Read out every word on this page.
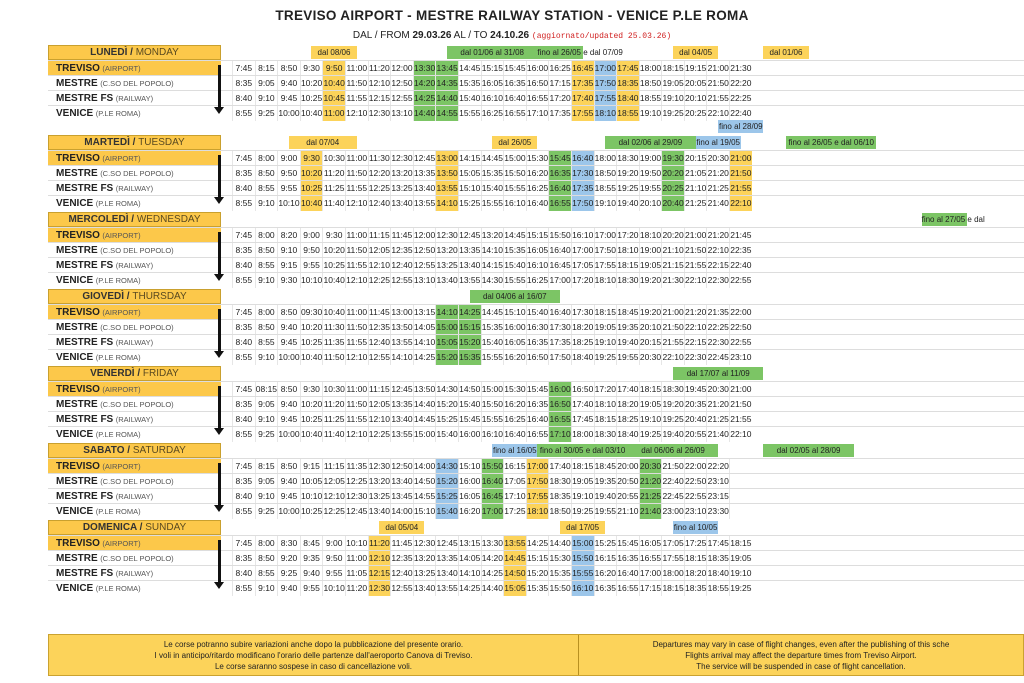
TREVISO AIRPORT - MESTRE RAILWAY STATION - VENICE P.LE ROMA
DAL / FROM 29.03.26 AL / TO 24.10.26 (aggiornato/updated 25.03.26)
LUNEDÌ / MONDAY	dal 08/06	dal 01/06 al 31/08	fino al 26/05 e dal 07/09	dal 04/05	dal 01/06
TREVISO (AIRPORT)	7:45 8:15 8:50 9:30 9:50 11:00 11:20 12:00 13:30 13:45 14:45 15:15 15:45 16:00 16:25 16:45 17:00 17:45 18:00 18:15 19:15 21:00 21:30
MESTRE (C.SO DEL POPOLO)	8:35 9:05 9:40 10:20 10:40 11:50 12:10 12:50 14:20 14:35 15:35 16:05 16:35 16:50 17:15 17:35 17:50 18:35 18:50 19:05 20:05 21:50 22:20
MESTRE FS (RAILWAY)	8:40 9:10 9:45 10:25 10:45 11:55 12:15 12:55 14:25 14:40 15:40 16:10 16:40 16:55 17:20 17:40 17:55 18:40 18:55 19:10 20:10 21:55 22:25
VENICE (P.LE ROMA)	8:55 9:25 10:00 10:40 11:00 12:10 12:30 13:10 14:40 14:55 15:55 16:25 16:55 17:10 17:35 17:55 18:10 18:55 19:10 19:25 20:25 22:10 22:40
fino al 28/09
MARTEDÌ / TUESDAY	dal 07/04	dal 26/05	dal 02/06 al 29/09	fino al 19/05	fino al 26/05 e dal 06/10
TREVISO (AIRPORT)	7:45 8:00 9:00 9:30 10:30 11:00 11:30 12:30 12:45 13:00 14:15 14:45 15:00 15:30 15:45 16:40 18:00 18:30 19:00 19:30 20:15 20:30 21:00
MESTRE (C.SO DEL POPOLO)	8:35 8:50 9:50 10:20 11:20 11:50 12:20 13:20 13:35 13:50 15:05 15:35 15:50 16:20 16:35 17:30 18:50 19:20 19:50 20:20 21:05 21:20 21:50
MESTRE FS (RAILWAY)	8:40 8:55 9:55 10:25 11:25 11:55 12:25 13:25 13:40 13:55 15:10 15:40 15:55 16:25 16:40 17:35 18:55 19:25 19:55 20:25 21:10 21:25 21:55
VENICE (P.LE ROMA)	8:55 9:10 10:10 10:40 11:40 12:10 12:40 13:40 13:55 14:10 15:25 15:55 16:10 16:40 16:55 17:50 19:10 19:40 20:10 20:40 21:25 21:40 22:10
MERCOLEDÌ / WEDNESDAY	fino al 27/05 e dal
TREVISO (AIRPORT)	7:45 8:00 8:20 9:00 9:30 11:00 11:15 11:45 12:00 12:30 12:45 13:20 14:45 15:15 15:50 16:10 17:00 17:20 18:10 20:20 21:00 21:20 21:45
MESTRE (C.SO DEL POPOLO)	8:35 8:50 9:10 9:50 10:20 11:50 12:05 12:35 12:50 13:20 13:35 14:10 15:35 16:05 16:40 17:00 17:50 18:10 19:00 21:10 21:50 22:10 22:35
MESTRE FS (RAILWAY)	8:40 8:55 9:15 9:55 10:25 11:55 12:10 12:40 12:55 13:25 13:40 14:15 15:40 16:10 16:45 17:05 17:55 18:15 19:05 21:15 21:55 22:15 22:40
VENICE (P.LE ROMA)	8:55 9:10 9:30 10:10 10:40 12:10 12:25 12:55 13:10 13:40 13:55 14:30 15:55 16:25 17:00 17:20 18:10 18:30 19:20 21:30 22:10 22:30 22:55
GIOVEDÌ / THURSDAY	dal 04/06 al 16/07
TREVISO (AIRPORT)	7:45 8:00 8:50 09:30 10:40 11:00 11:45 13:00 13:15 14:10 14:25 14:45 15:10 15:40 16:40 17:30 18:15 18:45 19:20 21:00 21:20 21:35 22:00
MESTRE (C.SO DEL POPOLO)	8:35 8:50 9:40 10:20 11:30 11:50 12:35 13:50 14:05 15:00 15:15 15:35 16:00 16:30 17:30 18:20 19:05 19:35 20:10 21:50 22:10 22:25 22:50
MESTRE FS (RAILWAY)	8:40 8:55 9:45 10:25 11:35 11:55 12:40 13:55 14:10 15:05 15:20 15:40 16:05 16:35 17:35 18:25 19:10 19:40 20:15 21:55 22:15 22:30 22:55
VENICE (P.LE ROMA)	8:55 9:10 10:00 10:40 11:50 12:10 12:55 14:10 14:25 15:20 15:35 15:55 16:20 16:50 17:50 18:40 19:25 19:55 20:30 22:10 22:30 22:45 23:10
VENERDÌ / FRIDAY	dal 17/07 al 11/09
TREVISO (AIRPORT)	7:45 08:15 8:50 9:30 10:30 11:00 11:15 12:45 13:50 14:30 14:50 15:00 15:30 15:45 16:00 16:50 17:20 17:40 18:15 18:30 19:45 20:30 21:00
MESTRE (C.SO DEL POPOLO)	8:35 9:05 9:40 10:20 11:20 11:50 12:05 13:35 14:40 15:20 15:40 15:50 16:20 16:35 16:50 17:40 18:10 18:20 19:05 19:20 20:35 21:20 21:50
MESTRE FS (RAILWAY)	8:40 9:10 9:45 10:25 11:25 11:55 12:10 13:40 14:45 15:25 15:45 15:55 16:25 16:40 16:55 17:45 18:15 18:25 19:10 19:25 20:40 21:25 21:55
VENICE (P.LE ROMA)	8:55 9:25 10:00 10:40 11:40 12:10 12:25 13:55 15:00 15:40 16:00 16:10 16:40 16:55 17:10 18:00 18:30 18:40 19:25 19:40 20:55 21:40 22:10
SABATO / SATURDAY	fino al 16/05 fino al 30/05 e dal 03/10	dal 06/06 al 26/09	dal 02/05 al 28/09
TREVISO (AIRPORT)	7:45 8:15 8:50 9:15 11:15 11:35 12:30 12:50 14:00 14:30 15:10 15:50 16:15 17:00 17:40 18:15 18:45 20:00 20:30 21:50 22:00 22:20
MESTRE (C.SO DEL POPOLO)	8:35 9:05 9:40 10:05 12:05 12:25 13:20 13:40 14:50 15:20 16:00 16:40 17:05 17:50 18:30 19:05 19:35 20:50 21:20 22:40 22:50 23:10
MESTRE FS (RAILWAY)	8:40 9:10 9:45 10:10 12:10 12:30 13:25 13:45 14:55 15:25 16:05 16:45 17:10 17:55 18:35 19:10 19:40 20:55 21:25 22:45 22:55 23:15
VENICE (P.LE ROMA)	8:55 9:25 10:00 10:25 12:25 12:45 13:40 14:00 15:10 15:40 16:20 17:00 17:25 18:10 18:50 19:25 19:55 21:10 21:40 23:00 23:10 23:30
DOMENICA / SUNDAY	dal 05/04	dal 17/05	fino al 10/05
TREVISO (AIRPORT)	7:45 8:00 8:30 8:45 9:00 10:10 11:20 11:45 12:30 12:45 13:15 13:30 13:55 14:25 14:40 15:00 15:25 15:45 16:05 17:05 17:25 17:45 18:15
MESTRE (C.SO DEL POPOLO)	8:35 8:50 9:20 9:35 9:50 11:00 12:10 12:35 13:20 13:35 14:05 14:20 14:45 15:15 15:30 15:50 16:15 16:35 16:55 17:55 18:15 18:35 19:05
MESTRE FS (RAILWAY)	8:40 8:55 9:25 9:40 9:55 11:05 12:15 12:40 13:25 13:40 14:10 14:25 14:50 15:20 15:35 15:55 16:20 16:40 17:00 18:00 18:20 18:40 19:10
VENICE (P.LE ROMA)	8:55 9:10 9:40 9:55 10:10 11:20 12:30 12:55 13:40 13:55 14:25 14:40 15:05 15:35 15:50 16:10 16:35 16:55 17:15 18:15 18:35 18:55 19:25
Le corse potranno subire variazioni anche dopo la pubblicazione del presente orario.
I voli in anticipo/ritardo modificano l'orario delle partenze dall'aeroporto Canova di Treviso.
Le corse saranno sospese in caso di cancellazione voli.
Departures may vary in case of flight changes, even after the publishing of this sche
Flights arrival may affect the departure times from Treviso Airport.
The service will be suspended in case of flight cancellation.
